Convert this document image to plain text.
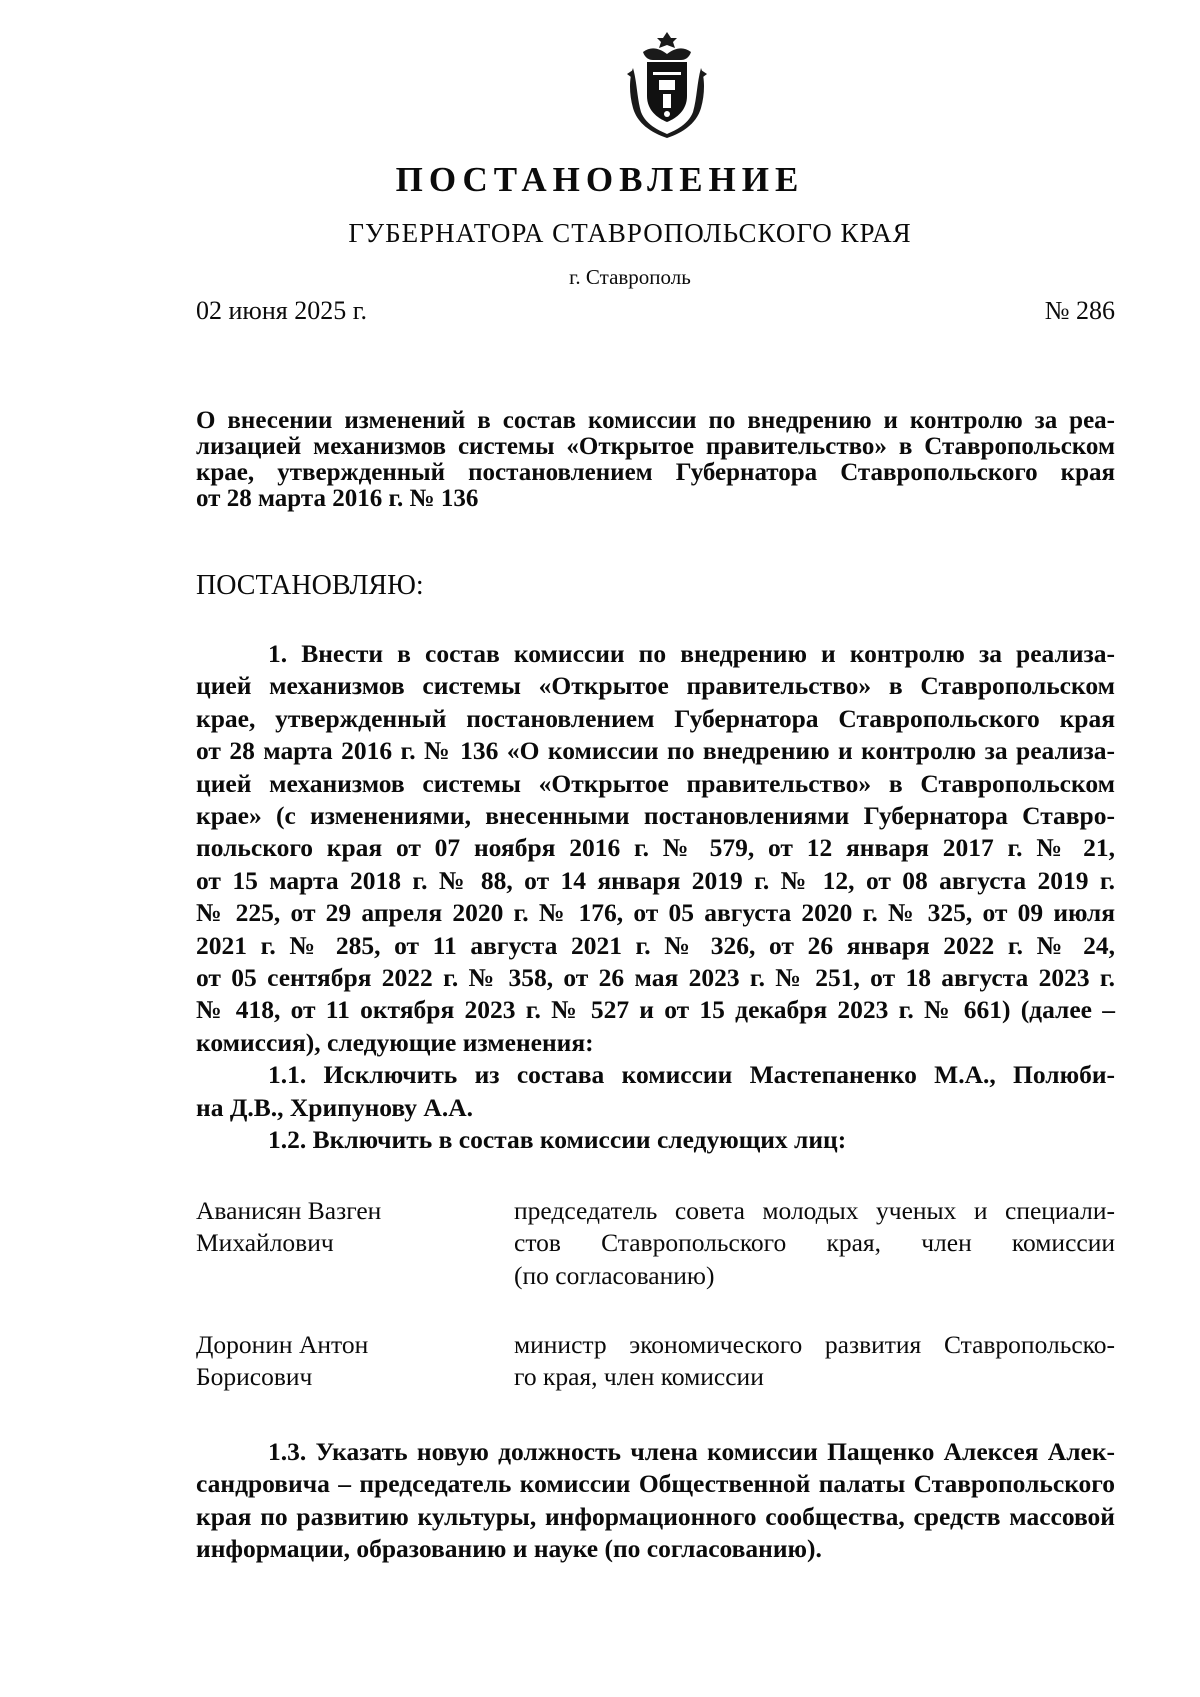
ПОСТАНОВЛЕНИЕ
ГУБЕРНАТОРА СТАВРОПОЛЬСКОГО КРАЯ
г. Ставрополь
02 июня 2025 г.	№ 286
О внесении изменений в состав комиссии по внедрению и контролю за реа-
лизацией механизмов системы «Открытое правительство» в Ставропольском
крае, утвержденный постановлением Губернатора Ставропольского края
от 28 марта 2016 г. № 136
ПОСТАНОВЛЯЮ:
1. Внести в состав комиссии по внедрению и контролю за реализа-
цией механизмов системы «Открытое правительство» в Ставропольском
крае, утвержденный постановлением Губернатора Ставропольского края
от 28 марта 2016 г. № 136 «О комиссии по внедрению и контролю за реализа-
цией механизмов системы «Открытое правительство» в Ставропольском
крае» (с изменениями, внесенными постановлениями Губернатора Ставро-
польского края от 07 ноября 2016 г. № 579, от 12 января 2017 г. № 21,
от 15 марта 2018 г. № 88, от 14 января 2019 г. № 12, от 08 августа 2019 г.
№ 225, от 29 апреля 2020 г. № 176, от 05 августа 2020 г. № 325, от 09 июля
2021 г. № 285, от 11 августа 2021 г. № 326, от 26 января 2022 г. № 24,
от 05 сентября 2022 г. № 358, от 26 мая 2023 г. № 251, от 18 августа 2023 г.
№ 418, от 11 октября 2023 г. № 527 и от 15 декабря 2023 г. № 661) (далее –
комиссия), следующие изменения:
1.1. Исключить из состава комиссии Мастепаненко М.А., Полюби-
на Д.В., Хрипунову А.А.
1.2. Включить в состав комиссии следующих лиц:
Аванисян Вазген
Михайлович
председатель совета молодых ученых и специали-
стов Ставропольского края, член комиссии
(по согласованию)
Доронин Антон
Борисович
министр экономического развития Ставропольско-
го края, член комиссии
1.3. Указать новую должность члена комиссии Пащенко Алексея Алек-
сандровича – председатель комиссии Общественной палаты Ставропольского
края по развитию культуры, информационного сообщества, средств массовой
информации, образованию и науке (по согласованию).
